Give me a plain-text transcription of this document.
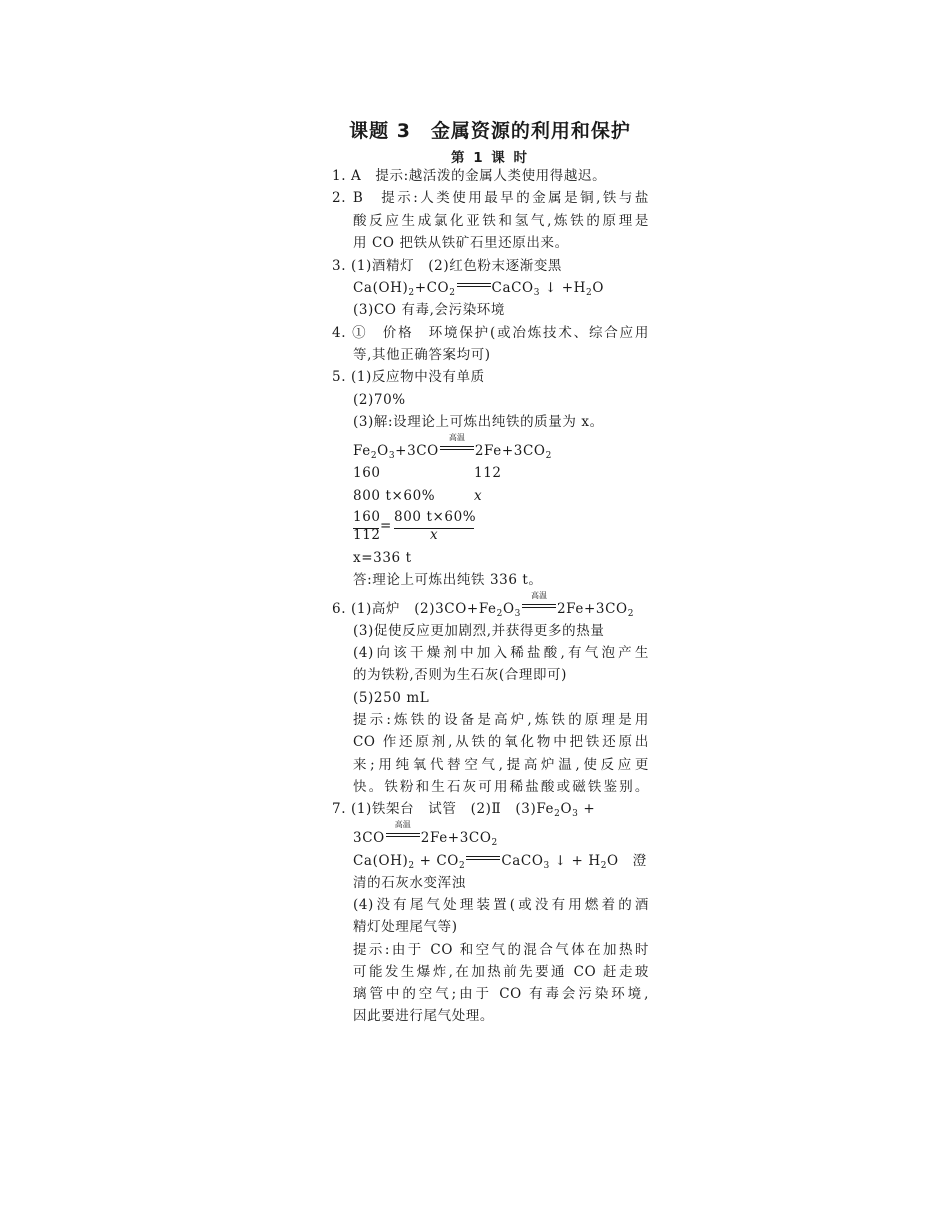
课题 3　金属资源的利用和保护
第 1 课 时
1. A　提示:越活泼的金属人类使用得越迟。
2. B　提示:人类使用最早的金属是铜,铁与盐
酸反应生成氯化亚铁和氢气,炼铁的原理是
用 CO 把铁从铁矿石里还原出来。
3. (1)酒精灯　(2)红色粉末逐渐变黑
$Ca(OH)_2+CO_2$	CaCO$_3$ ↓ $+H_2O$
(3)CO 有毒,会污染环境
4. ①　价格　环境保护(或冶炼技术、综合应用
等,其他正确答案均可)
5. (1)反应物中没有单质
(2)70%
(3)解:设理论上可炼出纯铁的质量为 x。
$Fe_2O_3+3CO$
高温
$2Fe+3CO_2$
160	112
800 t×60%	x
160
112
=
800 t×60%
x
x=336 t
答:理论上可炼出纯铁 336 t。
6. (1)高炉　$(2)3CO+Fe_2O_3$
高温
$2Fe+3CO_2$
(3)促使反应更加剧烈,并获得更多的热量
(4)向该干燥剂中加入稀盐酸,有气泡产生
的为铁粉,否则为生石灰(合理即可)
(5)250 mL
提示:炼铁的设备是高炉,炼铁的原理是用
CO 作还原剂,从铁的氧化物中把铁还原出
来;用纯氧代替空气,提高炉温,使反应更
快。铁粉和生石灰可用稀盐酸或磁铁鉴别。
7. (1)铁架台　试管　(2)Ⅱ　$(3)Fe_2O_3$ +
3CO
高温
$2Fe+3CO_2$
$Ca(OH)_2 + CO_2$	CaCO$_3$ ↓ + $H_2O$　澄
清的石灰水变浑浊
(4)没有尾气处理装置(或没有用燃着的酒
精灯处理尾气等)
提示:由于 CO 和空气的混合气体在加热时
可能发生爆炸,在加热前先要通 CO 赶走玻
璃管中的空气;由于 CO 有毒会污染环境,
因此要进行尾气处理。
